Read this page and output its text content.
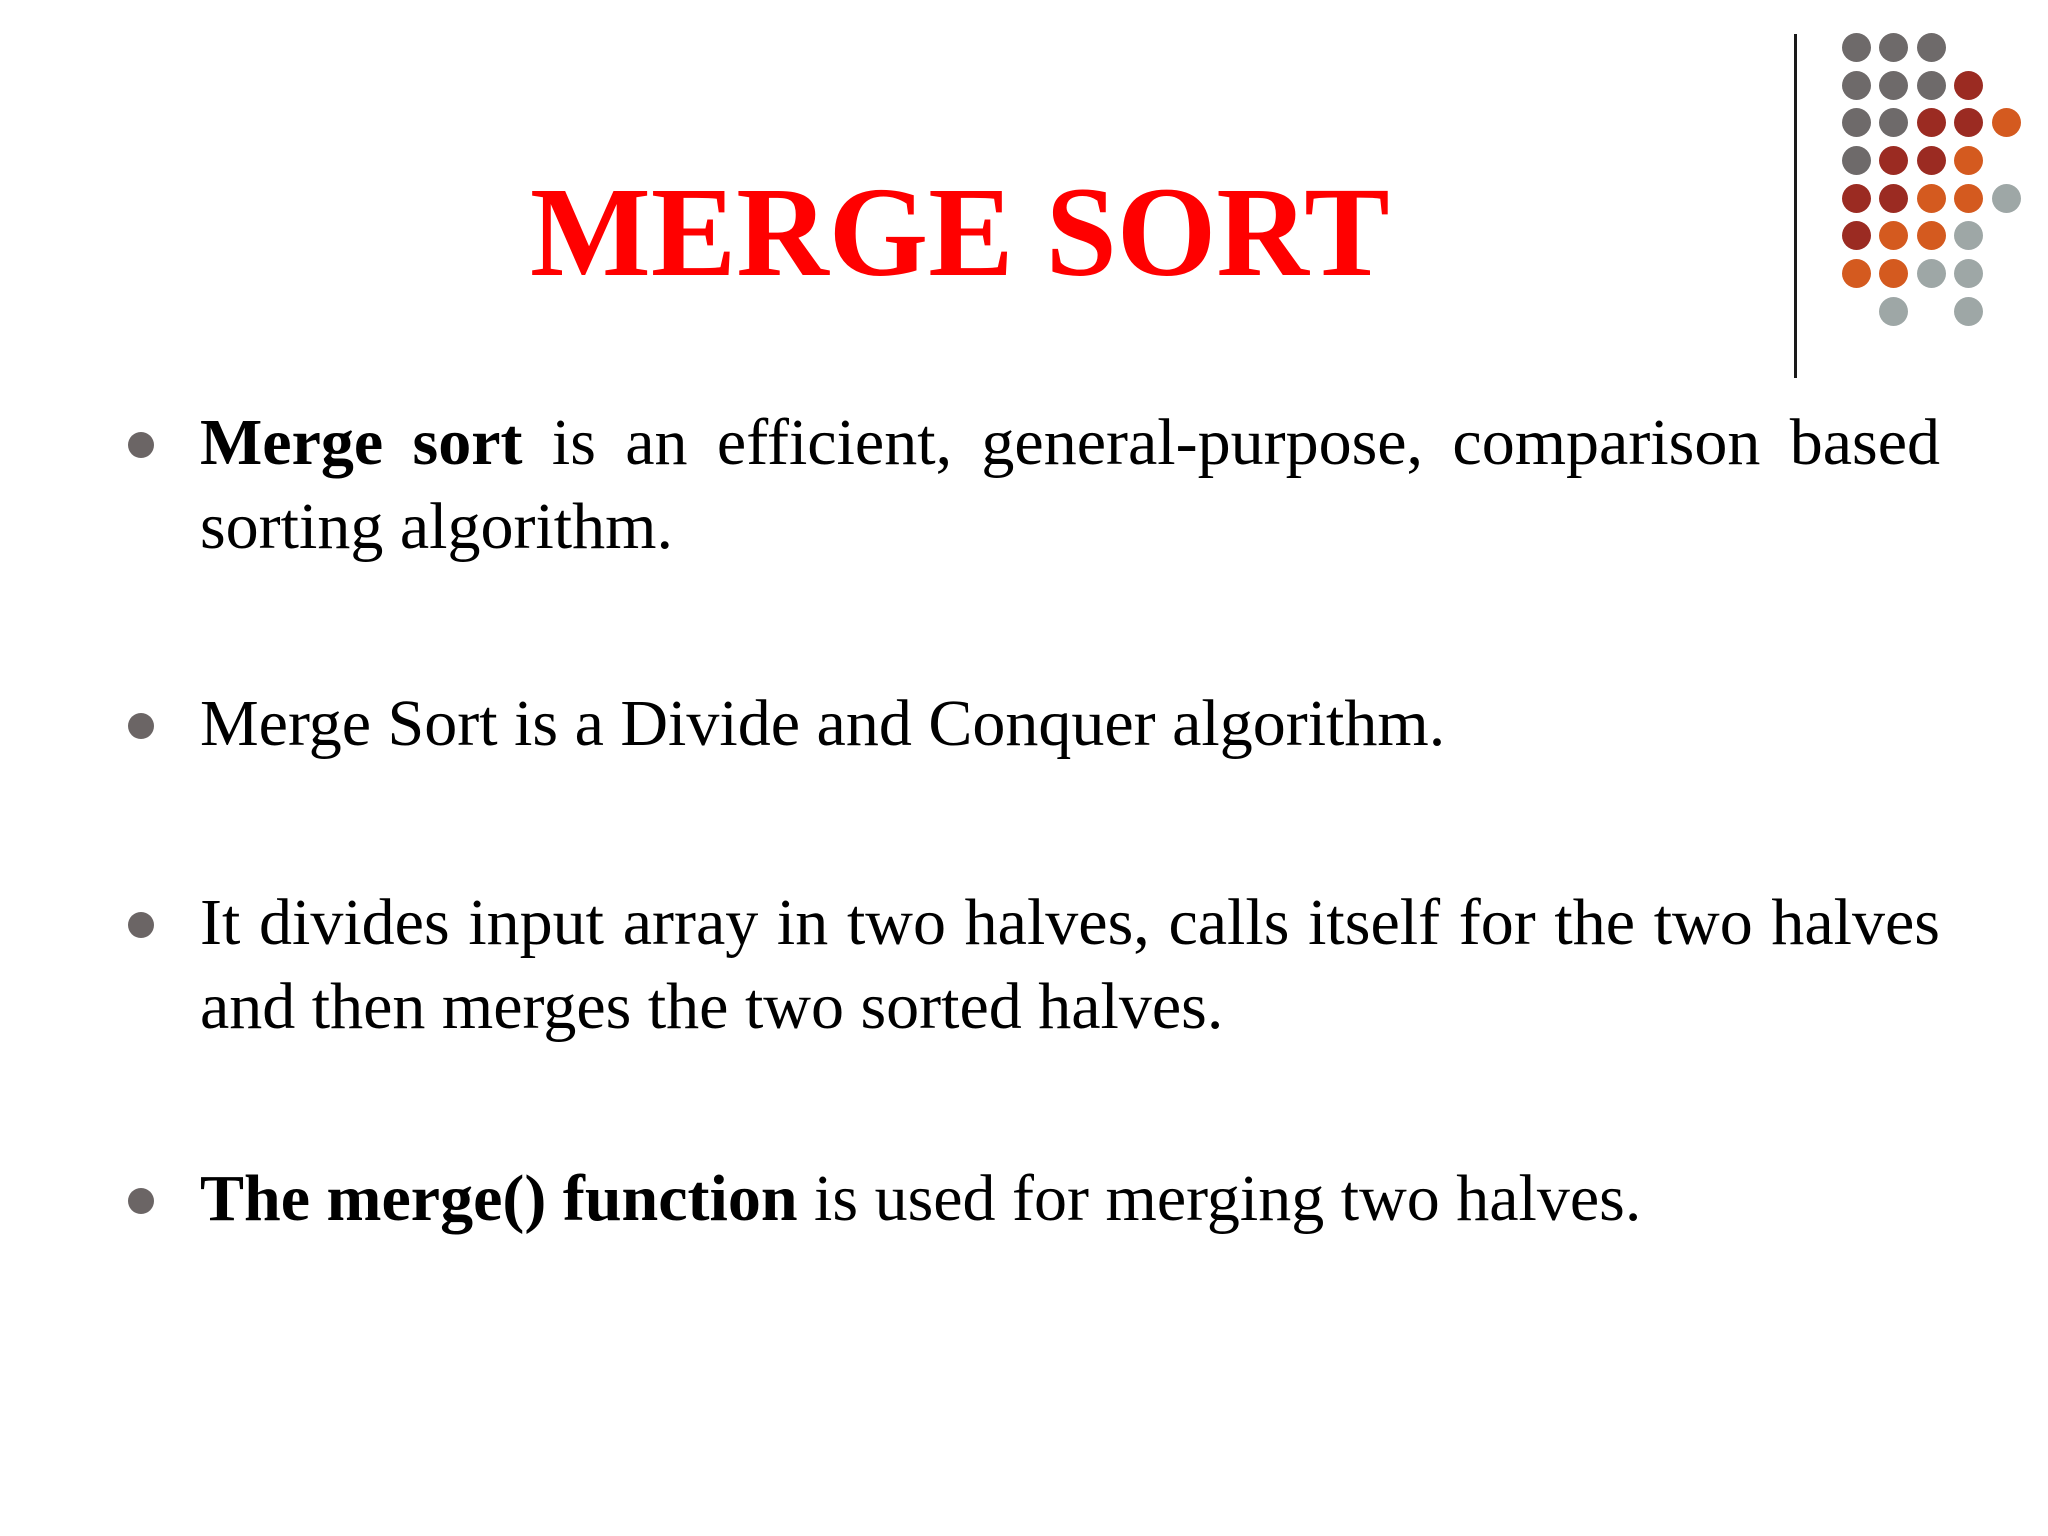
MERGE SORT
Merge sort is an efficient, general-purpose, comparison based sorting algorithm.
Merge Sort is a Divide and Conquer algorithm.
It divides input array in two halves, calls itself for the two halves and then merges the two sorted halves.
The merge() function is used for merging two halves.
